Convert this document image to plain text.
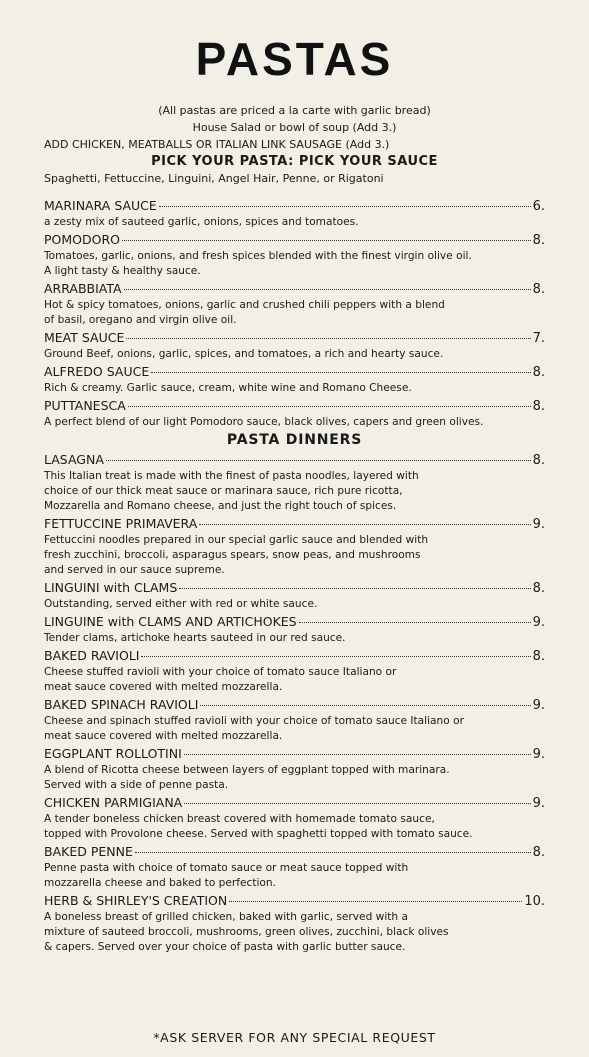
PASTAS
(All pastas are priced a la carte with garlic bread)
House Salad or bowl of soup (Add 3.)
ADD CHICKEN, MEATBALLS OR ITALIAN LINK SAUSAGE (Add 3.)
PICK YOUR PASTA: PICK YOUR SAUCE
Spaghetti, Fettuccine, Linguini, Angel Hair, Penne, or Rigatoni
MARINARA SAUCE	6.
a zesty mix of sauteed garlic, onions, spices and tomatoes.
POMODORO	8.
Tomatoes, garlic, onions, and fresh spices blended with the finest virgin olive oil.
A light tasty & healthy sauce.
ARRABBIATA	8.
Hot & spicy tomatoes, onions, garlic and crushed chili peppers with a blend
of basil, oregano and virgin olive oil.
MEAT SAUCE	7.
Ground Beef, onions, garlic, spices, and tomatoes, a rich and hearty sauce.
ALFREDO SAUCE	8.
Rich & creamy. Garlic sauce, cream, white wine and Romano Cheese.
PUTTANESCA	8.
A perfect blend of our light Pomodoro sauce, black olives, capers and green olives.
PASTA DINNERS
LASAGNA	8.
This Italian treat is made with the finest of pasta noodles, layered with
choice of our thick meat sauce or marinara sauce, rich pure ricotta,
Mozzarella and Romano cheese, and just the right touch of spices.
FETTUCCINE PRIMAVERA	9.
Fettuccini noodles prepared in our special garlic sauce and blended with
fresh zucchini, broccoli, asparagus spears, snow peas, and mushrooms
and served in our sauce supreme.
LINGUINI with CLAMS	8.
Outstanding, served either with red or white sauce.
LINGUINE with CLAMS AND ARTICHOKES	9.
Tender clams, artichoke hearts sauteed in our red sauce.
BAKED RAVIOLI	8.
Cheese stuffed ravioli with your choice of tomato sauce Italiano or
meat sauce covered with melted mozzarella.
BAKED SPINACH RAVIOLI	9.
Cheese and spinach stuffed ravioli with your choice of tomato sauce Italiano or
meat sauce covered with melted mozzarella.
EGGPLANT ROLLOTINI	9.
A blend of Ricotta cheese between layers of eggplant topped with marinara.
Served with a side of penne pasta.
CHICKEN PARMIGIANA	9.
A tender boneless chicken breast covered with homemade tomato sauce,
topped with Provolone cheese. Served with spaghetti topped with tomato sauce.
BAKED PENNE	8.
Penne pasta with choice of tomato sauce or meat sauce topped with
mozzarella cheese and baked to perfection.
HERB & SHIRLEY'S CREATION	10.
A boneless breast of grilled chicken, baked with garlic, served with a
mixture of sauteed broccoli, mushrooms, green olives, zucchini, black olives
& capers. Served over your choice of pasta with garlic butter sauce.
*ASK SERVER FOR ANY SPECIAL REQUEST
